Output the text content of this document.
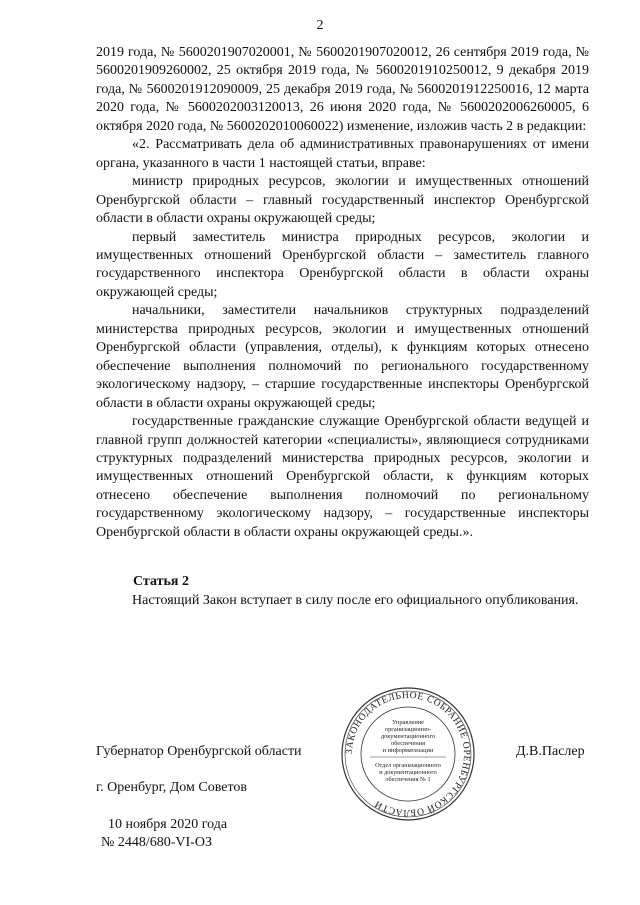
2

2019 года, № 5600201907020001, № 5600201907020012, 26 сентября 2019 года, № 5600201909260002, 25 октября 2019 года, № 5600201910250012, 9 декабря 2019 года, № 5600201912090009, 25 декабря 2019 года, № 5600201912250016, 12 марта 2020 года, № 5600202003120013, 26 июня 2020 года, № 5600202006260005, 6 октября 2020 года, № 5600202010060022) изменение, изложив часть 2 в редакции:

«2. Рассматривать дела об административных правонарушениях от имени органа, указанного в части 1 настоящей статьи, вправе:

министр природных ресурсов, экологии и имущественных отношений Оренбургской области – главный государственный инспектор Оренбургской области в области охраны окружающей среды;

первый заместитель министра природных ресурсов, экологии и имущественных отношений Оренбургской области – заместитель главного государственного инспектора Оренбургской области в области охраны окружающей среды;

начальники, заместители начальников структурных подразделений министерства природных ресурсов, экологии и имущественных отношений Оренбургской области (управления, отделы), к функциям которых отнесено обеспечение выполнения полномочий по регионального государственному экологическому надзору, – старшие государственные инспекторы Оренбургской области в области охраны окружающей среды;

государственные гражданские служащие Оренбургской области ведущей и главной групп должностей категории «специалисты», являющиеся сотрудниками структурных подразделений министерства природных ресурсов, экологии и имущественных отношений Оренбургской области, к функциям которых отнесено обеспечение выполнения полномочий по региональному государственному экологическому надзору, – государственные инспекторы Оренбургской области в области охраны окружающей среды.».

Статья 2

Настоящий Закон вступает в силу после его официального опубликования.

Губернатор Оренбургской области	Д.В.Паслер
ЗАКОНОДАТЕЛЬНОЕ СОБРАНИЕ ОРЕНБУРГСКОЙ ОБЛАСТИ
Управление
организационно-
документационного
обеспечения
и информатизации
Отдел организационного
и документационного
обеспечения № 1
г. Оренбург, Дом Советов
10 ноября 2020 года
№ 2448/680-VI-ОЗ
